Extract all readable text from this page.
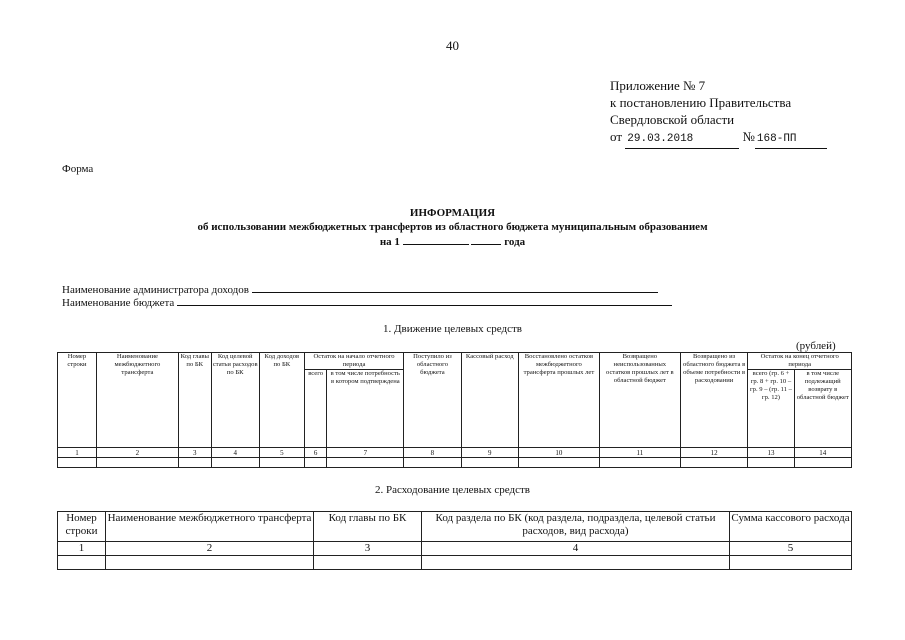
40
Приложение № 7
к постановлению Правительства
Свердловской области
от 29.03.2018	№ 168-ПП
Форма
ИНФОРМАЦИЯ
об использовании межбюджетных трансфертов из областного бюджета муниципальным образованием
на 1	года
Наименование администратора доходов
Наименование бюджета
1. Движение целевых средств
(рублей)
Номер строки	Наименование межбюджетного трансферта	Код главы по БК	Код целевой статьи расходов по БК	Код доходов по БК	Остаток на начало отчетного периода		Поступило из областного бюджета	Кассовый расход	Восстановлено остатков межбюджетного трансферта прошлых лет	Возвращено неиспользованных остатков прошлых лет в областной бюджет	Возвращено из областного бюджета в объеме потребности в расходовании	Остаток на конец отчетного периода	
					всего	в том числе потребность в котором подтверждена						всего (гр. 6 + гр. 8 + гр. 10 – гр. 9 – (гр. 11 – гр. 12)	в том числе подлежащий возврату в областной бюджет
1	2	3	4	5	6	7	8	9	10	11	12	13	14

2. Расходование целевых средств
Номер строки	Наименование межбюджетного трансферта	Код главы по БК	Код раздела по БК (код раздела, подраздела, целевой статьи расходов, вид расхода)	Сумма кассового расхода
1	2	3	4	5
